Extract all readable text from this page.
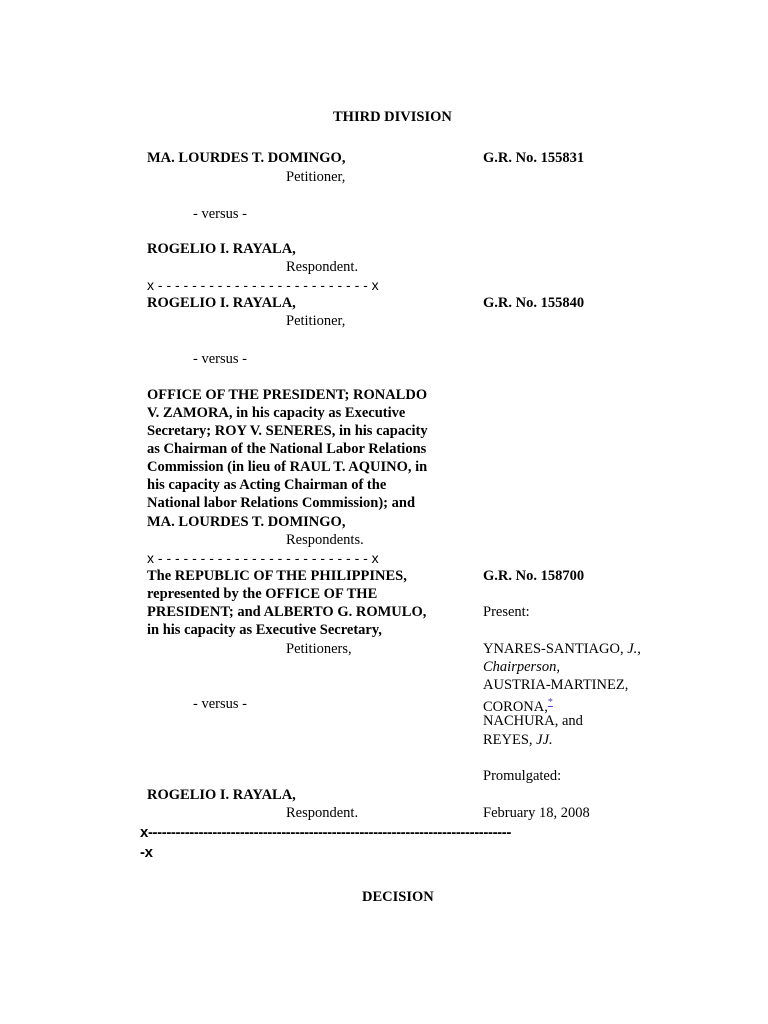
THIRD DIVISION
MA. LOURDES T. DOMINGO,	G.R. No. 155831
Petitioner,
- versus -
ROGELIO I. RAYALA,
Respondent.
x - - - - - - - - - - - - - - - - - - - - - - - - - x
ROGELIO I. RAYALA,	G.R. No. 155840
Petitioner,
- versus -
OFFICE OF THE PRESIDENT; RONALDO
V. ZAMORA, in his capacity as Executive
Secretary; ROY V. SENERES, in his capacity
as Chairman of the National Labor Relations
Commission (in lieu of RAUL T. AQUINO, in
his capacity as Acting Chairman of the
National labor Relations Commission); and
MA. LOURDES T. DOMINGO,
Respondents.
x - - - - - - - - - - - - - - - - - - - - - - - - - x
The REPUBLIC OF THE PHILIPPINES,	G.R. No. 158700
represented by the OFFICE OF THE
PRESIDENT; and ALBERTO G. ROMULO,	Present:
in his capacity as Executive Secretary,
Petitioners,	YNARES-SANTIAGO, J.,
Chairperson,
AUSTRIA-MARTINEZ,
- versus -	CORONA,*
NACHURA, and
REYES, JJ.
Promulgated:
ROGELIO I. RAYALA,
Respondent.	February 18, 2008
x-------------------------------------------------------------------------------
-x
DECISION
